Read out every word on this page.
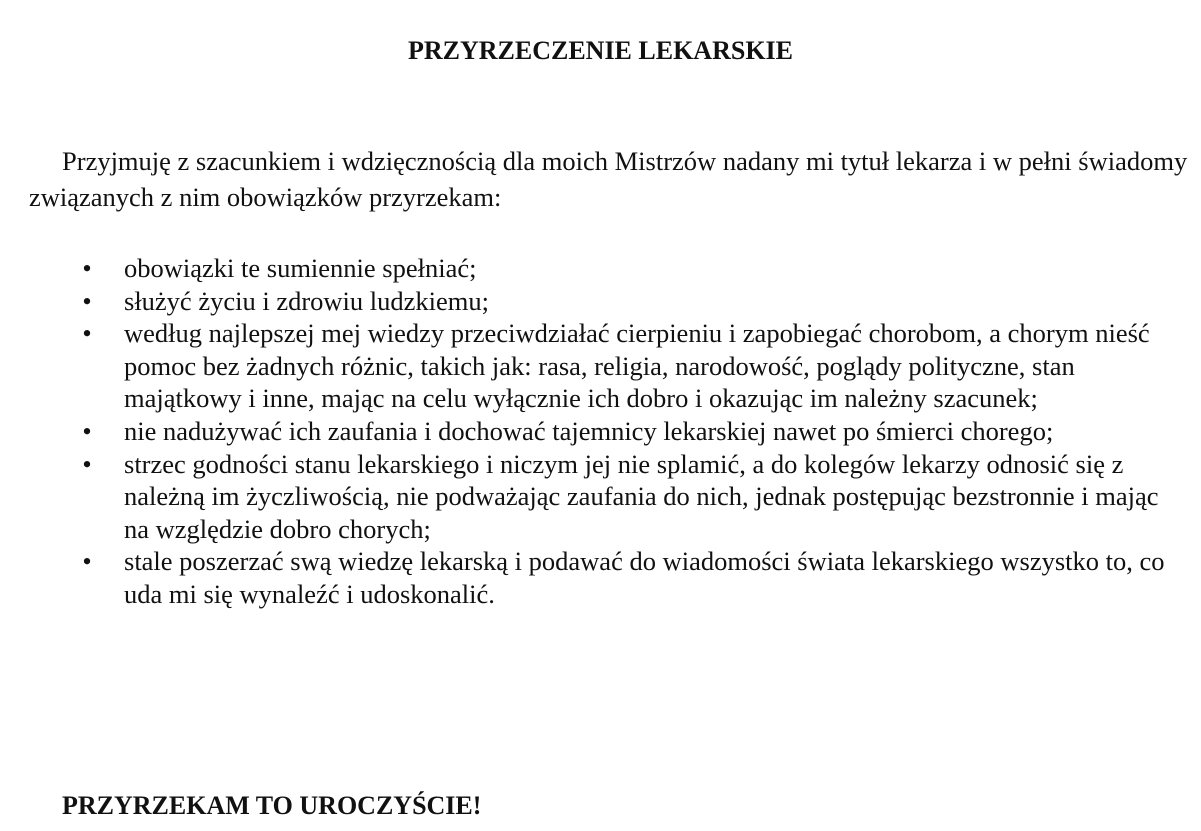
PRZYRZECZENIE LEKARSKIE

Przyjmuję z szacunkiem i wdzięcznością dla moich Mistrzów nadany mi tytuł lekarza i w pełni świadomy związanych z nim obowiązków przyrzekam:

• obowiązki te sumiennie spełniać;
• służyć życiu i zdrowiu ludzkiemu;
• według najlepszej mej wiedzy przeciwdziałać cierpieniu i zapobiegać chorobom, a chorym nieść pomoc bez żadnych różnic, takich jak: rasa, religia, narodowość, poglądy polityczne, stan majątkowy i inne, mając na celu wyłącznie ich dobro i okazując im należny szacunek;
• nie nadużywać ich zaufania i dochować tajemnicy lekarskiej nawet po śmierci chorego;
• strzec godności stanu lekarskiego i niczym jej nie splamić, a do kolegów lekarzy odnosić się z należną im życzliwością, nie podważając zaufania do nich, jednak postępując bezstronnie i mając na względzie dobro chorych;
• stale poszerzać swą wiedzę lekarską i podawać do wiadomości świata lekarskiego wszystko to, co uda mi się wynaleźć i udoskonalić.
PRZYRZEKAM TO UROCZYŚCIE!
